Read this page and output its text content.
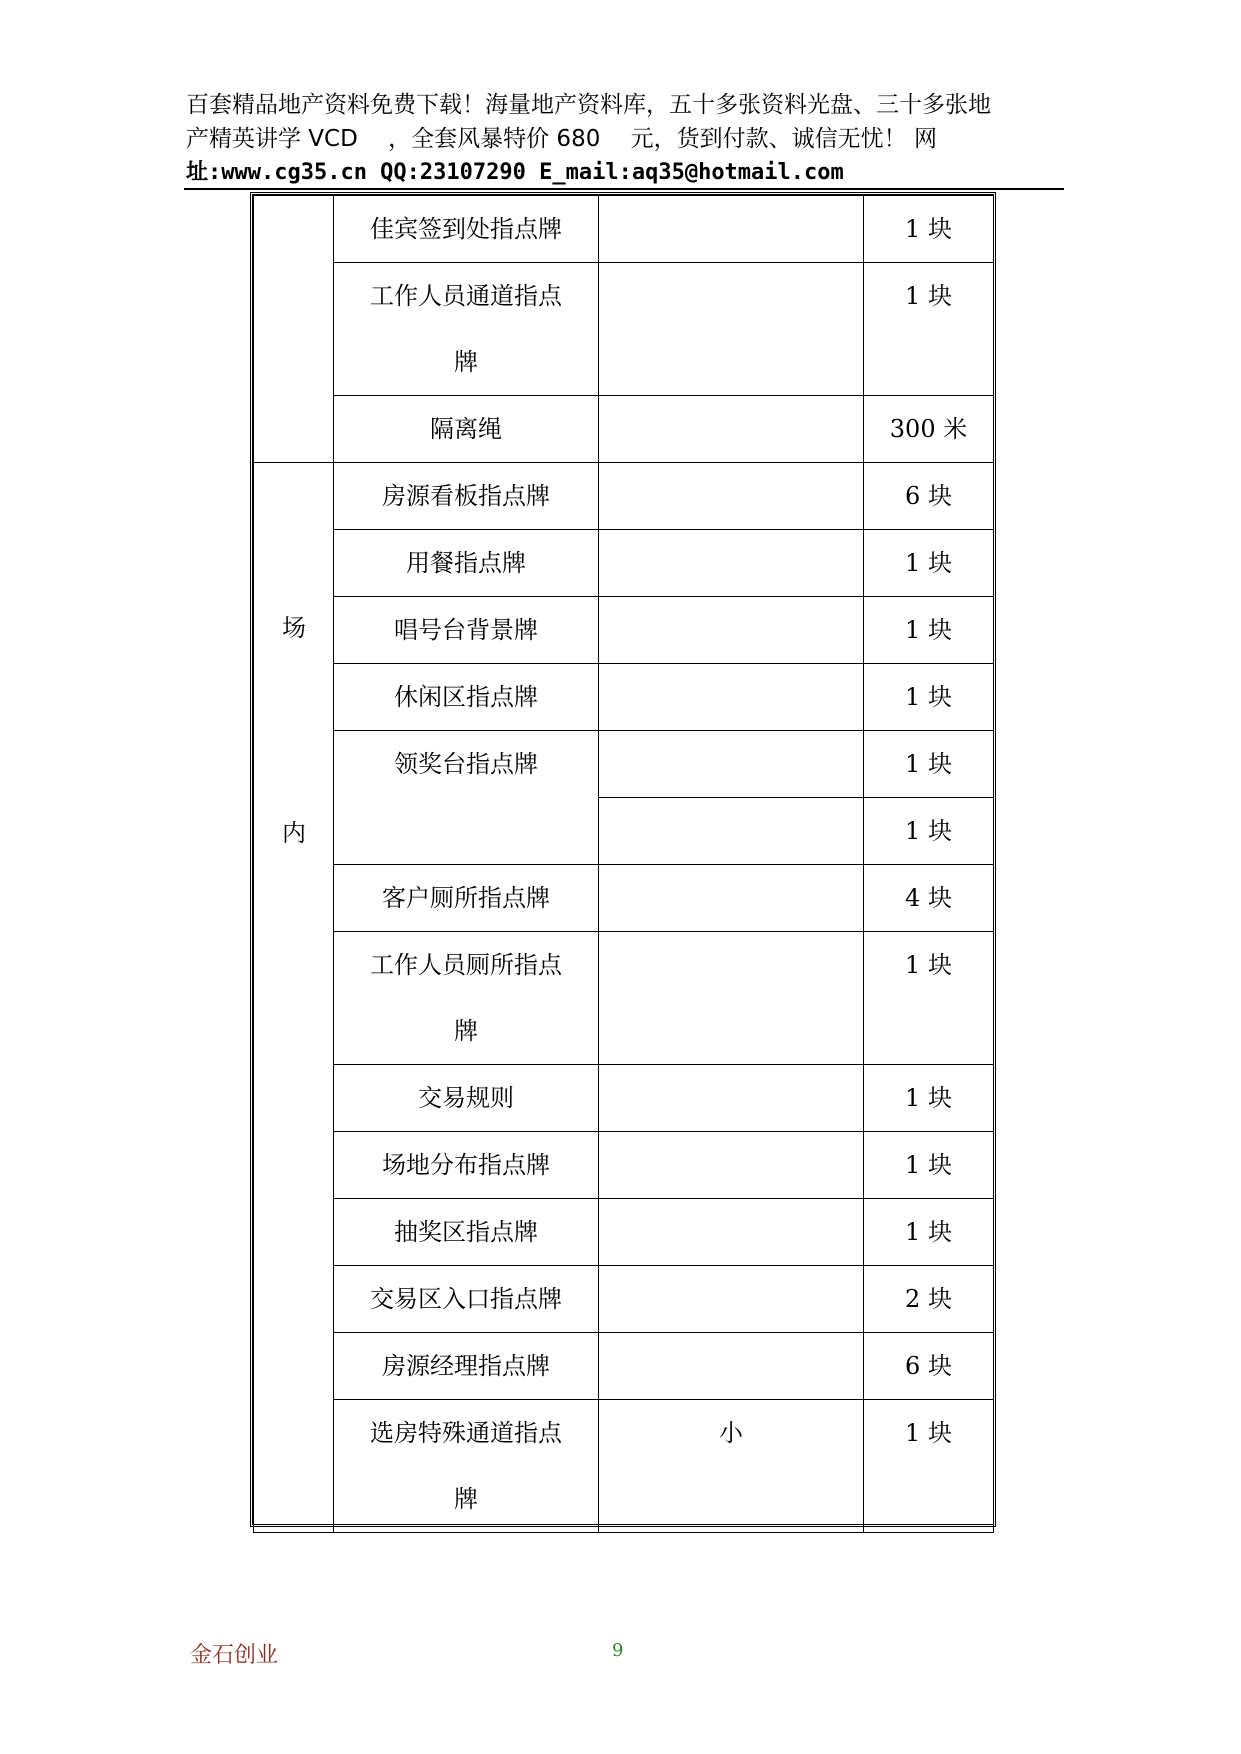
百套精品地产资料免费下载！海量地产资料库，五十多张资料光盘、三十多张地
产精英讲学 VCD　 ，全套风暴特价 680　 元，货到付款、诚信无忧！ 网
址:www.cg35.cn QQ:23107290 E_mail:aq35@hotmail.com
	佳宾签到处指点牌		1 块

	工作人员通道指点
牌		1 块
	隔离绳		300 米

场
内	房源看板指点牌		6 块
	用餐指点牌		1 块
	唱号台背景牌		1 块
	休闲区指点牌		1 块
	领奖台指点牌		1 块
			1 块
	客户厕所指点牌		4 块

	工作人员厕所指点
牌		1 块
	交易规则		1 块
	场地分布指点牌		1 块
	抽奖区指点牌		1 块
	交易区入口指点牌		2 块
	房源经理指点牌		6 块

	选房特殊通道指点
牌	小	1 块
金石创业	9
